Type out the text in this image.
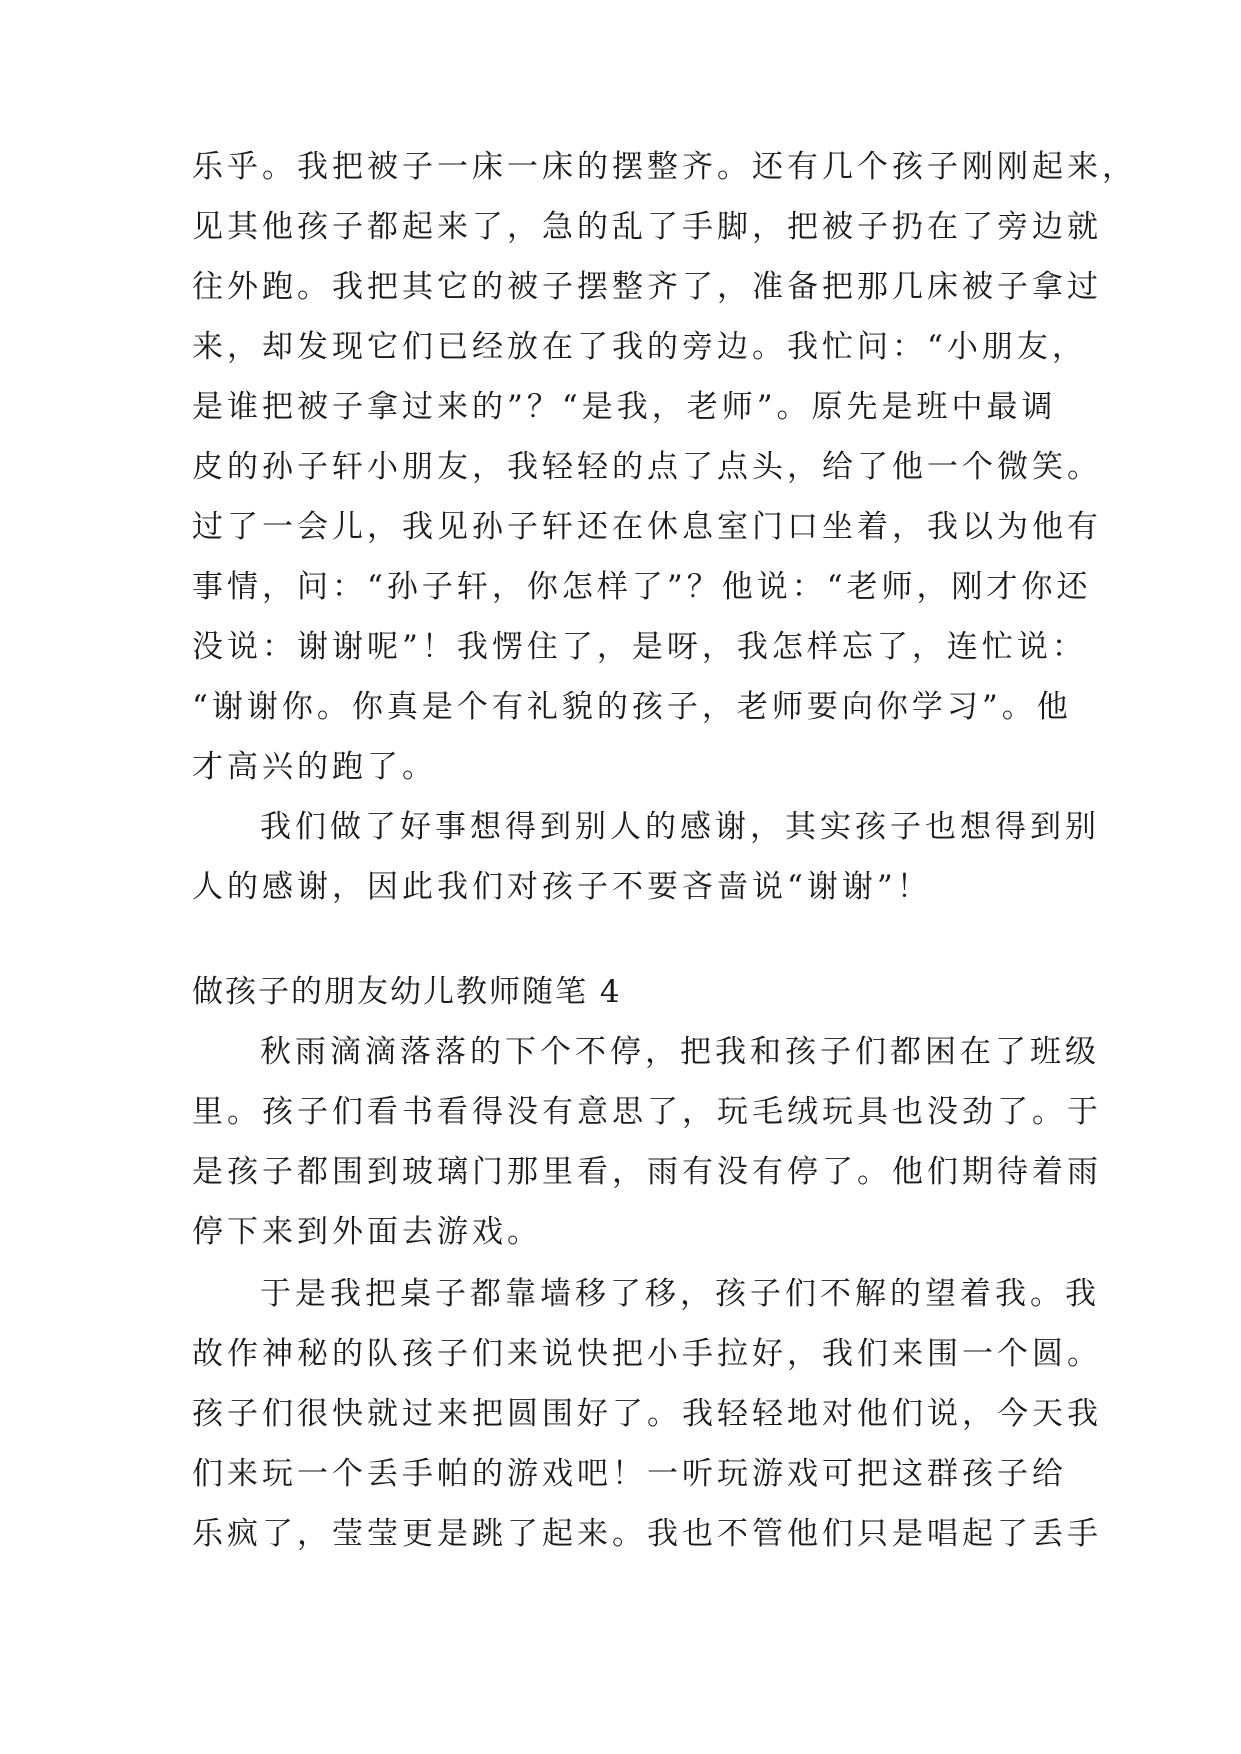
乐乎。我把被子一床一床的摆整齐。还有几个孩子刚刚起来，
见其他孩子都起来了，急的乱了手脚，把被子扔在了旁边就
往外跑。我把其它的被子摆整齐了，准备把那几床被子拿过
来，却发现它们已经放在了我的旁边。我忙问：“小朋友，
是谁把被子拿过来的”？“是我，老师”。原先是班中最调
皮的孙子轩小朋友，我轻轻的点了点头，给了他一个微笑。
过了一会儿，我见孙子轩还在休息室门口坐着，我以为他有
事情，问：“孙子轩，你怎样了”？他说：“老师，刚才你还
没说：谢谢呢”！我愣住了，是呀，我怎样忘了，连忙说：
“谢谢你。你真是个有礼貌的孩子，老师要向你学习”。他
才高兴的跑了。
我们做了好事想得到别人的感谢，其实孩子也想得到别
人的感谢，因此我们对孩子不要吝啬说“谢谢”！
做孩子的朋友幼儿教师随笔 4
秋雨滴滴落落的下个不停，把我和孩子们都困在了班级
里。孩子们看书看得没有意思了，玩毛绒玩具也没劲了。于
是孩子都围到玻璃门那里看，雨有没有停了。他们期待着雨
停下来到外面去游戏。
于是我把桌子都靠墙移了移，孩子们不解的望着我。我
故作神秘的队孩子们来说快把小手拉好，我们来围一个圆。
孩子们很快就过来把圆围好了。我轻轻地对他们说，今天我
们来玩一个丢手帕的游戏吧！一听玩游戏可把这群孩子给
乐疯了，莹莹更是跳了起来。我也不管他们只是唱起了丢手
